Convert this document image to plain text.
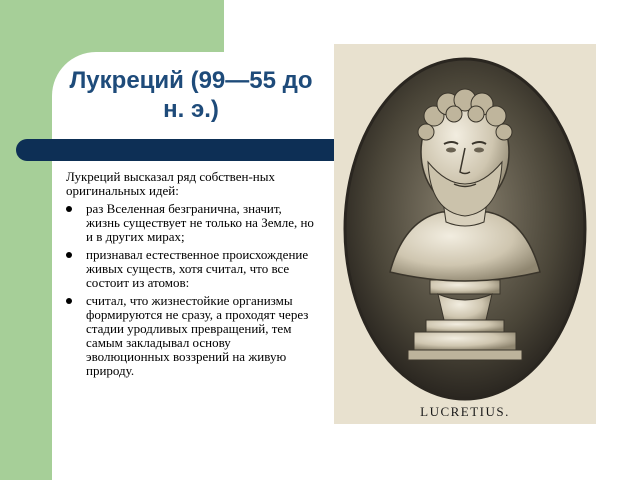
Лукреций (99—55 до н. э.)

Лукреций высказал ряд собствен-ных оригинальных идей:

раз Вселенная безгранична, значит, жизнь существует не только на Земле, но и в других мирах;
признавал естественное происхождение живых существ, хотя считал, что все состоит из атомов:
считал, что жизнестойкие организмы формируются не сразу, а проходят через стадии уродливых превращений, тем самым закладывал основу эволюционных воззрений на живую природу.
LUCRETIUS.
